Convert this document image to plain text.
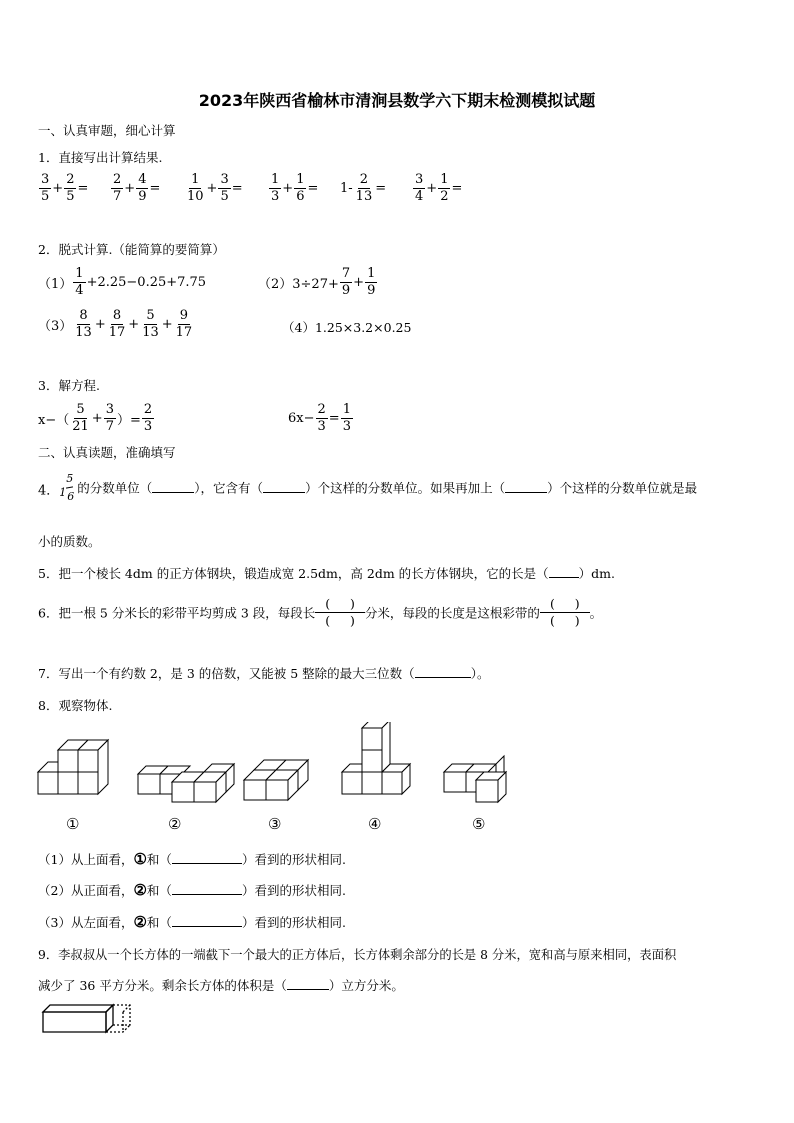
2023年陕西省榆林市清涧县数学六下期末检测模拟试题
一、认真审题，细心计算
1．直接写出计算结果.
$\frac{3}{5} + \frac{2}{5} = \frac{2}{7} + \frac{4}{9} = \frac{1}{10} + \frac{3}{5} = \frac{1}{3} + \frac{1}{6} = 1- \frac{2}{13} = \frac{3}{4} + \frac{1}{2}$ =
2．脱式计算.（能简算的要简算）
$(1) \frac{1}{4} +2.25-0.25+7.75$	$(2)3\div 27+ \frac{7}{9} + \frac{1}{9}$
$(3) \frac{8}{13} + \frac{8}{17} + \frac{5}{13} + \frac{9}{17}$	（4）1.25×3.2×0.25
3．解方程.
$x-( \frac{5}{21} + \frac{3}{7}$ ）= $\frac{2}{3}$	$6x- \frac{2}{3} = \frac{1}{3}$
二、认真读题，准确填写
4． 1
5
6
的分数单位（	），它含有（	）个这样的分数单位。如果再加上（	）个这样的分数单位就是最
小的质数。
5．把一个棱长 4dm 的正方体钢块，锻造成宽 2.5dm，高 2dm 的长方体钢块，它的长是（ ）dm.
6．把一根 5 分米长的彩带平均剪成 3 段，每段长
( )
( ) 分米，每段的长度是这根彩带的
( )
( ) 。
7．写出一个有约数 2，是 3 的倍数，又能被 5 整除的最大三位数（	）。
8．观察物体.
①	②	③	④	⑤
（1）从上面看，①和（	）看到的形状相同.
（2）从正面看，②和（	）看到的形状相同.
（3）从左面看，②和（	）看到的形状相同.
9．李叔叔从一个长方体的一端截下一个最大的正方体后，长方体剩余部分的长是 8 分米，宽和高与原来相同，表面积
减少了 36 平方分米。剩余长方体的体积是（	）立方分米。
